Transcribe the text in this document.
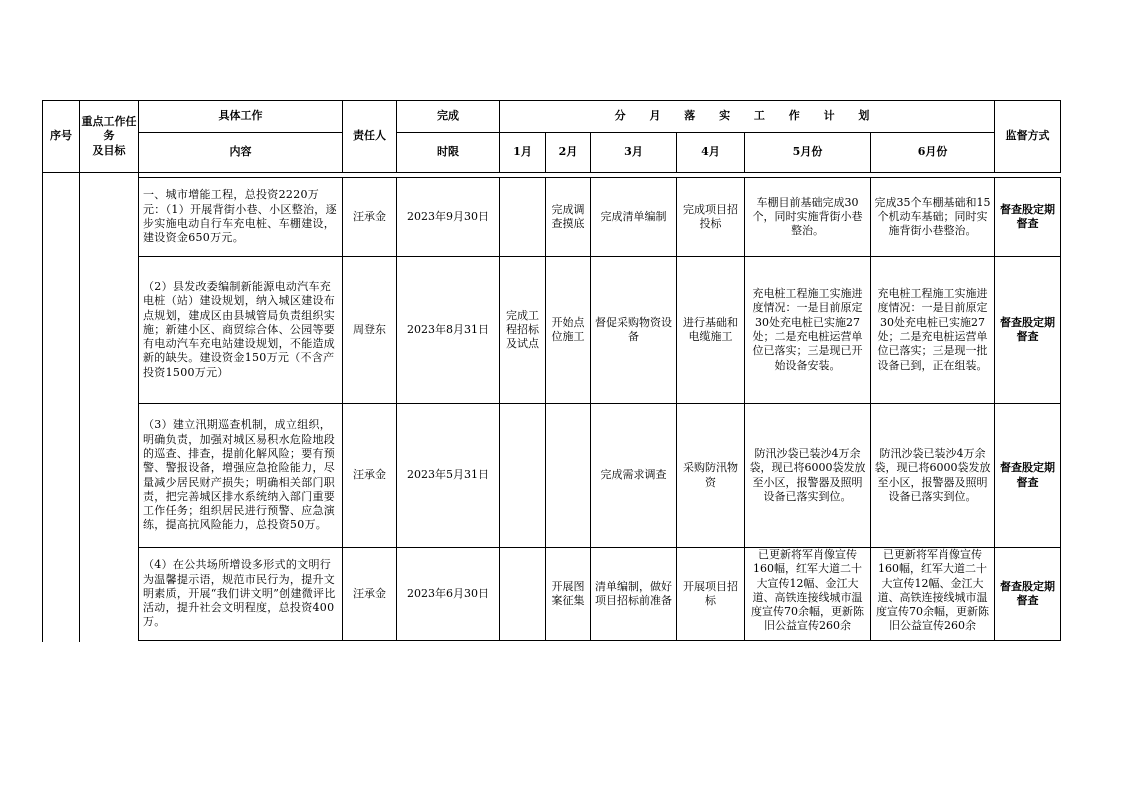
序号	重点工作任务
及目标	具体工作	责任人	完成	分 月 落 实 工 作 计 划						监督方式
		内容		时限	1月	2月	3月	4月	5月份	6月份	

		一、城市增能工程，总投资2220万元：（1）开展背街小巷、小区整治，逐步实施电动自行车充电桩、车棚建设，建设资金650万元。	汪承金	2023年9月30日		完成调查摸底	完成清单编制	完成项目招投标	车棚目前基础完成30个，同时实施背街小巷整治。	完成35个车棚基础和15个机动车基础；同时实施背街小巷整治。	督查股定期督查
		（2）县发改委编制新能源电动汽车充电桩（站）建设规划，纳入城区建设布点规划，建成区由县城管局负责组织实施；新建小区、商贸综合体、公园等要有电动汽车充电站建设规划，不能造成新的缺失。建设资金150万元（不含产投资1500万元）	周登东	2023年8月31日	完成工程招标及试点	开始点位施工	督促采购物资设备	进行基础和电缆施工	充电桩工程施工实施进度情况：一是目前原定30处充电桩已实施27处；二是充电桩运营单位已落实；三是现已开始设备安装。	充电桩工程施工实施进度情况：一是目前原定30处充电桩已实施27处；二是充电桩运营单位已落实；三是现一批设备已到，正在组装。	督查股定期督查
		（3）建立汛期巡查机制，成立组织，明确负责，加强对城区易积水危险地段的巡查、排查，提前化解风险；要有预警、警报设备，增强应急抢险能力，尽量减少居民财产损失；明确相关部门职责，把完善城区排水系统纳入部门重要工作任务；组织居民进行预警、应急演练，提高抗风险能力，总投资50万。	汪承金	2023年5月31日			完成需求调查	采购防汛物资	防汛沙袋已装沙4万余袋，现已将6000袋发放至小区，报警器及照明设备已落实到位。	防汛沙袋已装沙4万余袋，现已将6000袋发放至小区，报警器及照明设备已落实到位。	督查股定期督查
		（4）在公共场所增设多形式的文明行为温馨提示语，规范市民行为，提升文明素质，开展“我们讲文明”创建微评比活动，提升社会文明程度，总投资400万。	汪承金	2023年6月30日		开展图案征集	清单编制，做好项目招标前准备	开展项目招标	已更新将军肖像宣传160幅，红军大道二十大宣传12幅、金江大道、高铁连接线城市温度宣传70余幅，更新陈旧公益宣传260余	已更新将军肖像宣传160幅，红军大道二十大宣传12幅、金江大道、高铁连接线城市温度宣传70余幅，更新陈旧公益宣传260余	督查股定期督查
